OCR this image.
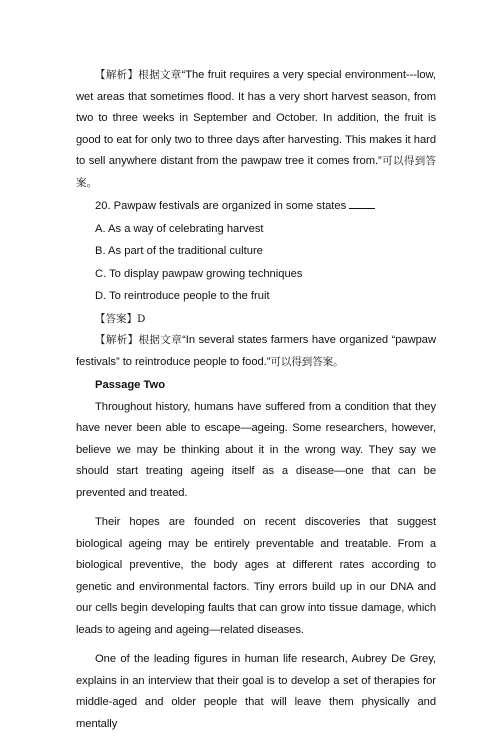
【解析】根据文章“The fruit requires a very special environment---low, wet areas that sometimes flood. It has a very short harvest season, from two to three weeks in September and October. In addition, the fruit is good to eat for only two to three days after harvesting. This makes it hard to sell anywhere distant from the pawpaw tree it comes from.”可以得到答案。

20. Pawpaw festivals are organized in some states

A. As a way of celebrating harvest

B. As part of the traditional culture

C. To display pawpaw growing techniques

D. To reintroduce people to the fruit

【答案】D

【解析】根据文章“In several states farmers have organized “pawpaw festivals” to reintroduce people to food.”可以得到答案。

Passage Two

Throughout history, humans have suffered from a condition that they have never been able to escape—ageing. Some researchers, however, believe we may be thinking about it in the wrong way. They say we should start treating ageing itself as a disease—one that can be prevented and treated.

Their hopes are founded on recent discoveries that suggest biological ageing may be entirely preventable and treatable. From a biological preventive, the body ages at different rates according to genetic and environmental factors. Tiny errors build up in our DNA and our cells begin developing faults that can grow into tissue damage, which leads to ageing and ageing—related diseases.

One of the leading figures in human life research, Aubrey De Grey, explains in an interview that their goal is to develop a set of therapies for middle-aged and older people that will leave them physically and mentally
